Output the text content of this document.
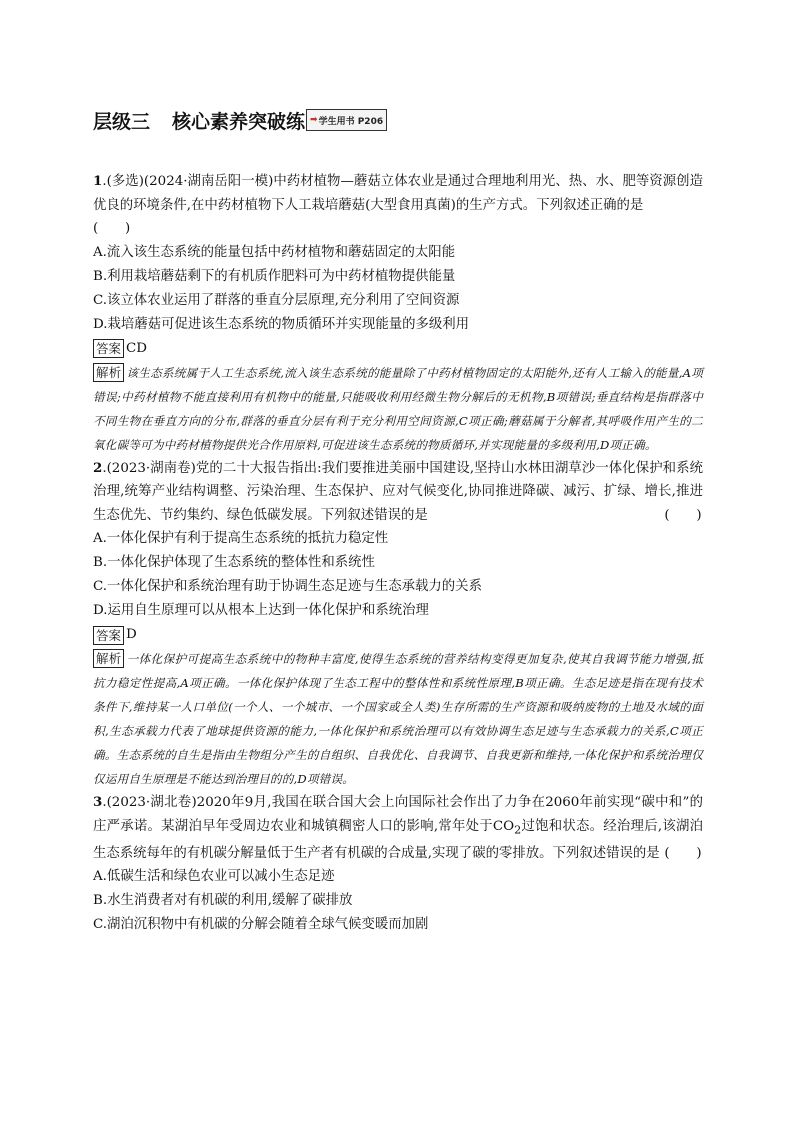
层级三 核心素养突破练 ➡ 学生用书 P206
1.(多选)(2024·湖南岳阳一模)中药材植物—蘑菇立体农业是通过合理地利用光、热、水、肥等资源创造优良的环境条件,在中药材植物下人工栽培蘑菇(大型食用真菌)的生产方式。下列叙述正确的是
(　　)
A.流入该生态系统的能量包括中药材植物和蘑菇固定的太阳能
B.利用栽培蘑菇剩下的有机质作肥料可为中药材植物提供能量
C.该立体农业运用了群落的垂直分层原理,充分利用了空间资源
D.栽培蘑菇可促进该生态系统的物质循环并实现能量的多级利用
答案 CD
解析 该生态系统属于人工生态系统,流入该生态系统的能量除了中药材植物固定的太阳能外,还有人工输入的能量,A项错误;中药材植物不能直接利用有机物中的能量,只能吸收利用经微生物分解后的无机物,B项错误;垂直结构是指群落中不同生物在垂直方向的分布,群落的垂直分层有利于充分利用空间资源,C项正确;蘑菇属于分解者,其呼吸作用产生的二氧化碳等可为中药材植物提供光合作用原料,可促进该生态系统的物质循环,并实现能量的多级利用,D项正确。
2.(2023·湖南卷)党的二十大报告指出:我们要推进美丽中国建设,坚持山水林田湖草沙一体化保护和系统治理,统筹产业结构调整、污染治理、生态保护、应对气候变化,协同推进降碳、减污、扩绿、增长,推进生态优先、节约集约、绿色低碳发展。下列叙述错误的是	(　　)
A.一体化保护有利于提高生态系统的抵抗力稳定性
B.一体化保护体现了生态系统的整体性和系统性
C.一体化保护和系统治理有助于协调生态足迹与生态承载力的关系
D.运用自生原理可以从根本上达到一体化保护和系统治理
答案 D
解析 一体化保护可提高生态系统中的物种丰富度,使得生态系统的营养结构变得更加复杂,使其自我调节能力增强,抵抗力稳定性提高,A项正确。一体化保护体现了生态工程中的整体性和系统性原理,B项正确。生态足迹是指在现有技术条件下,维持某一人口单位(一个人、一个城市、一个国家或全人类)生存所需的生产资源和吸纳废物的土地及水域的面积,生态承载力代表了地球提供资源的能力,一体化保护和系统治理可以有效协调生态足迹与生态承载力的关系,C项正确。生态系统的自生是指由生物组分产生的自组织、自我优化、自我调节、自我更新和维持,一体化保护和系统治理仅仅运用自生原理是不能达到治理目的的,D项错误。
3.(2023·湖北卷)2020年9月,我国在联合国大会上向国际社会作出了力争在2060年前实现“碳中和”的庄严承诺。某湖泊早年受周边农业和城镇稠密人口的影响,常年处于$CO_2$过饱和状态。经治理后,该湖泊生态系统每年的有机碳分解量低于生产者有机碳的合成量,实现了碳的零排放。下列叙述错误的是 (　　)
A.低碳生活和绿色农业可以减小生态足迹
B.水生消费者对有机碳的利用,缓解了碳排放
C.湖泊沉积物中有机碳的分解会随着全球气候变暖而加剧
